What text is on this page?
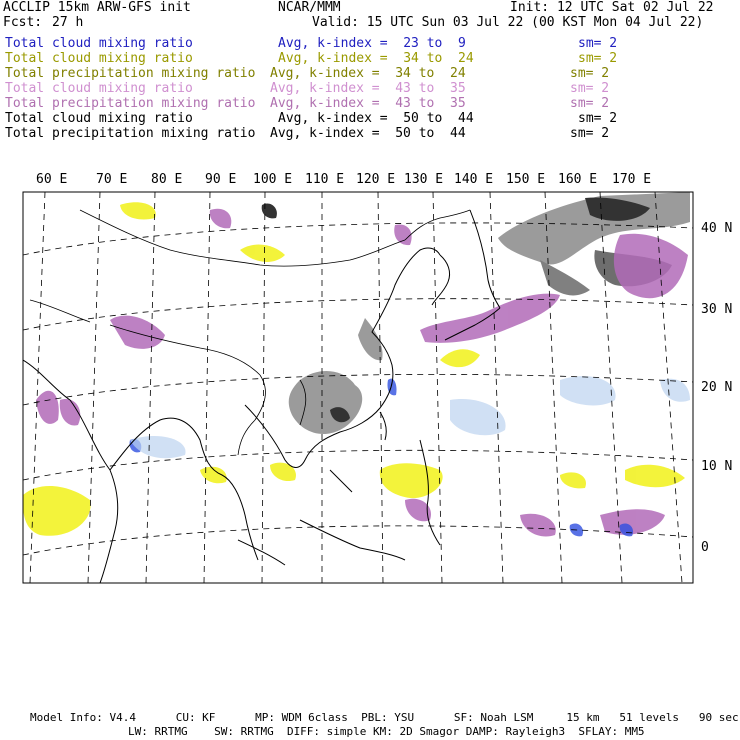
ACCLIP 15km ARW-GFS init	NCAR/MMM	Init: 12 UTC Sat 02 Jul 22
Fcst: 27 h	Valid: 15 UTC Sun 03 Jul 22 (00 KST Mon 04 Jul 22)
Total cloud mixing ratio	Avg, k-index =  23 to  9	sm= 2
Total cloud mixing ratio	Avg, k-index =  34 to  24	sm= 2
Total precipitation mixing ratio Avg, k-index =  34 to  24	sm= 2
Total cloud mixing ratio	Avg, k-index =  43 to  35	sm= 2
Total precipitation mixing ratio Avg, k-index =  43 to  35	sm= 2
Total cloud mixing ratio	Avg, k-index =  50 to  44	sm= 2
Total precipitation mixing ratio Avg, k-index =  50 to  44	sm= 2
60 E 70 E 80 E 90 E 100 E 110 E 120 E 130 E 140 E 150 E 160 E 170 E
40 N
30 N
20 N
10 N
0
Model Info: V4.4      CU: KF      MP: WDM 6class  PBL: YSU      SF: Noah LSM     15 km   51 levels   90 sec
LW: RRTMG    SW: RRTMG  DIFF: simple KM: 2D Smagor DAMP: Rayleigh3  SFLAY: MM5
